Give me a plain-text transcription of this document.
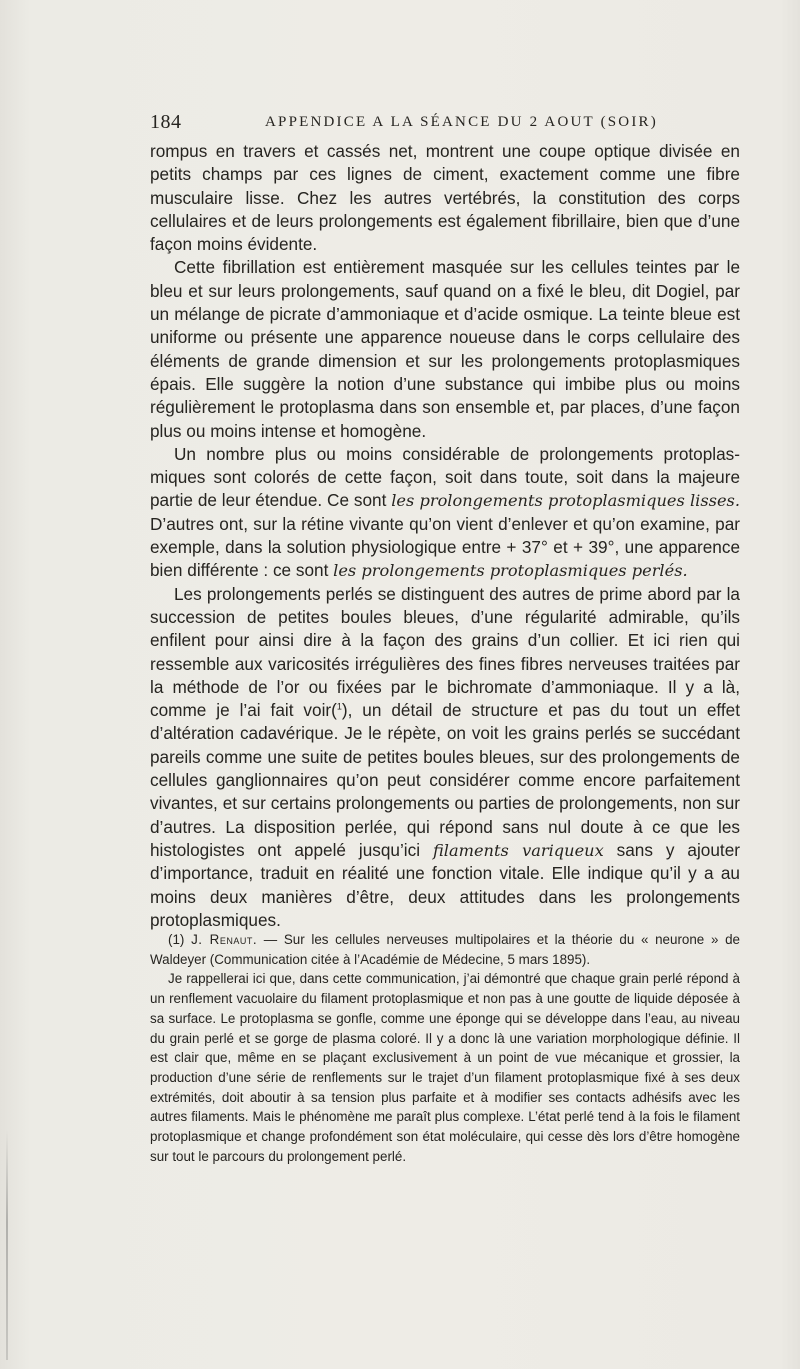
184	APPENDICE A LA SÉANCE DU 2 AOUT (SOIR)

rompus en travers et cassés net, montrent une coupe optique divisée en petits champs par ces lignes de ciment, exactement comme une fibre musculaire lisse. Chez les autres vertébrés, la constitution des corps cellulaires et de leurs prolongements est également fibrillaire, bien que d’une façon moins évidente.

Cette fibrillation est entièrement masquée sur les cellules teintes par le bleu et sur leurs prolongements, sauf quand on a fixé le bleu, dit Dogiel, par un mélange de picrate d’ammoniaque et d’acide osmique. La teinte bleue est uniforme ou présente une apparence noueuse dans le corps cellulaire des éléments de grande dimension et sur les prolongements protoplasmiques épais. Elle suggère la notion d’une substance qui imbibe plus ou moins régulièrement le protoplasma dans son ensemble et, par places, d’une façon plus ou moins intense et homogène.

Un nombre plus ou moins considérable de prolongements protoplasmiques sont colorés de cette façon, soit dans toute, soit dans la majeure partie de leur étendue. Ce sont les prolongements protoplasmiques lisses. D’autres ont, sur la rétine vivante qu’on vient d’enlever et qu’on examine, par exemple, dans la solution physiologique entre + 37° et + 39°, une apparence bien différente : ce sont les prolongements protoplasmiques perlés.

Les prolongements perlés se distinguent des autres de prime abord par la succession de petites boules bleues, d’une régularité admirable, qu’ils enfilent pour ainsi dire à la façon des grains d’un collier. Et ici rien qui ressemble aux varicosités irrégulières des fines fibres nerveuses traitées par la méthode de l’or ou fixées par le bichromate d’ammoniaque. Il y a là, comme je l’ai fait voir($^1$), un détail de structure et pas du tout un effet d’altération cadavérique. Je le répète, on voit les grains perlés se succédant pareils comme une suite de petites boules bleues, sur des prolongements de cellules ganglionnaires qu’on peut considérer comme encore parfaitement vivantes, et sur certains prolongements ou parties de prolongements, non sur d’autres. La disposition perlée, qui répond sans nul doute à ce que les histologistes ont appelé jusqu’ici filaments variqueux sans y ajouter d’importance, traduit en réalité une fonction vitale. Elle indique qu’il y a au moins deux manières d’être, deux attitudes dans les prolongements protoplasmiques.

(1) J. Renaut. — Sur les cellules nerveuses multipolaires et la théorie du « neurone » de Waldeyer (Communication citée à l’Académie de Médecine, 5 mars 1895).

Je rappellerai ici que, dans cette communication, j’ai démontré que chaque grain perlé répond à un renflement vacuolaire du filament protoplasmique et non pas à une goutte de liquide déposée à sa surface. Le protoplasma se gonfle, comme une éponge qui se développe dans l’eau, au niveau du grain perlé et se gorge de plasma coloré. Il y a donc là une variation morphologique définie. Il est clair que, même en se plaçant exclusivement à un point de vue mécanique et grossier, la production d’une série de renflements sur le trajet d’un filament protoplasmique fixé à ses deux extrémités, doit aboutir à sa tension plus parfaite et à modifier ses contacts adhésifs avec les autres filaments. Mais le phénomène me paraît plus complexe. L’état perlé tend à la fois le filament protoplasmique et change profondément son état moléculaire, qui cesse dès lors d’être homogène sur tout le parcours du prolongement perlé.
